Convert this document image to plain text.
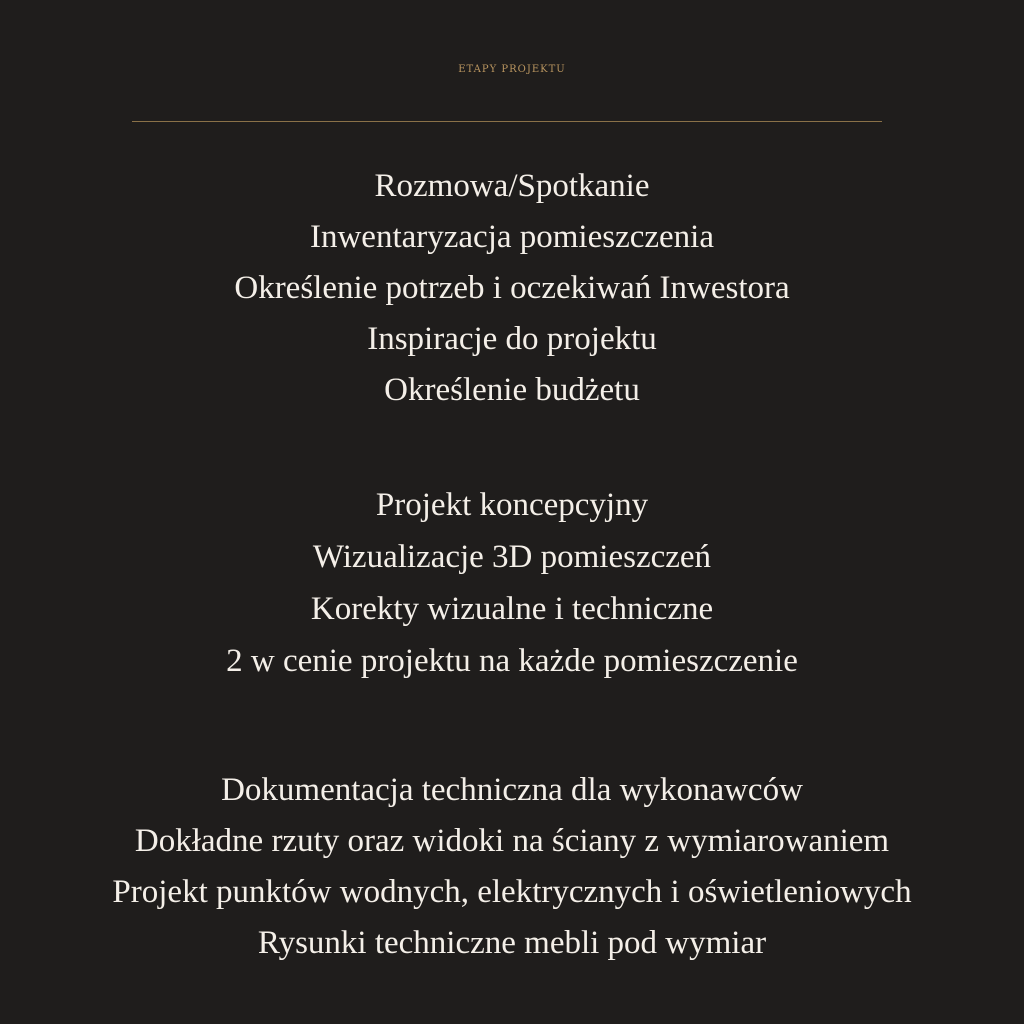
ETAPY PROJEKTU
Rozmowa/Spotkanie
Inwentaryzacja pomieszczenia
Określenie potrzeb i oczekiwań Inwestora
Inspiracje do projektu
Określenie budżetu
Projekt koncepcyjny
Wizualizacje 3D pomieszczeń
Korekty wizualne i techniczne
2 w cenie projektu na każde pomieszczenie
Dokumentacja techniczna dla wykonawców
Dokładne rzuty oraz widoki na ściany z wymiarowaniem
Projekt punktów wodnych, elektrycznych i oświetleniowych
Rysunki techniczne mebli pod wymiar
